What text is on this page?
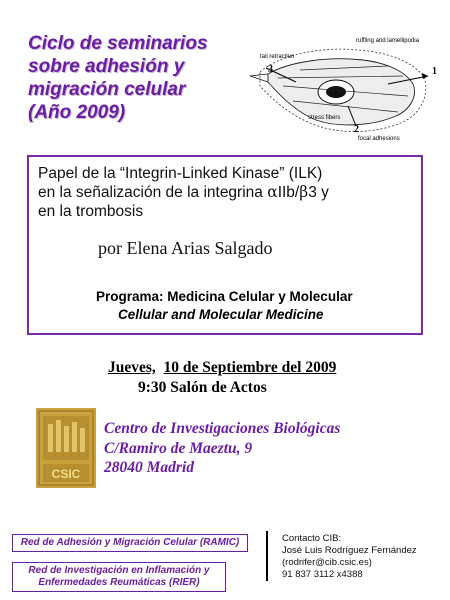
Ciclo de seminarios
sobre adhesión y
migración celular
(Año 2009)
ruffling and lamellipodia
tail retraction
stress fibers
focal adhesions
1
2
3
Papel de la “Integrin-Linked Kinase” (ILK)
en la señalización de la integrina αIIb/β3 y
en la trombosis
por Elena Arias Salgado
Programa: Medicina Celular y Molecular
Cellular and Molecular Medicine
Jueves, 10 de Septiembre del 2009
9:30 Salón de Actos
CSIC
Centro de Investigaciones Biológicas
C/Ramiro de Maeztu, 9
28040 Madrid
Red de Adhesión y Migración Celular (RAMIC)
Red de Investigación en Inflamación y
Enfermedades Reumáticas (RIER)
Contacto CIB:
José Luis Rodríguez Fernández
(rodrifer@cib.csic.es)
91 837 3112 x4388
